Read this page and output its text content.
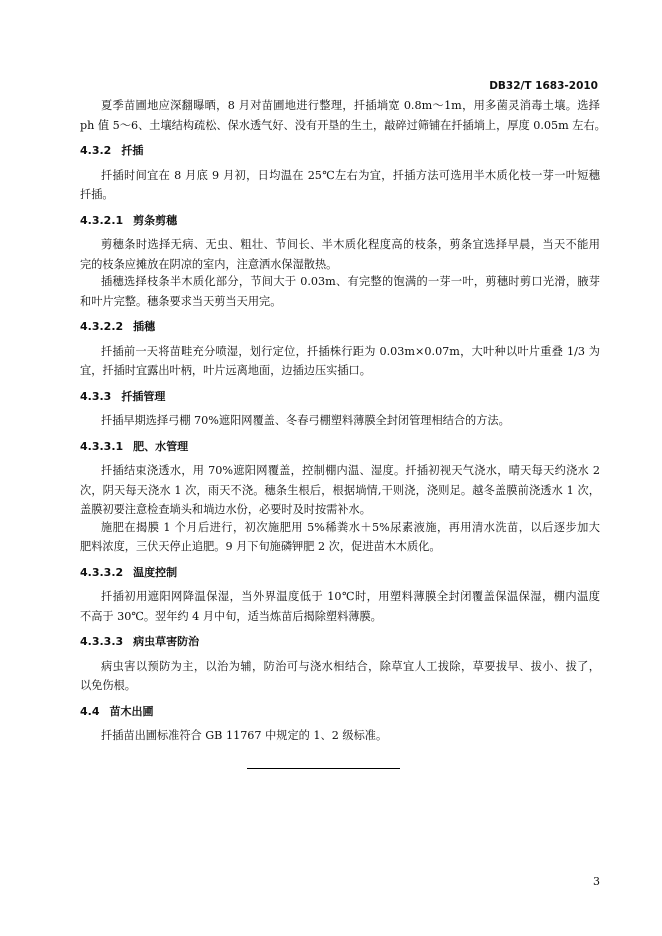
DB32/T 1683-2010
夏季苗圃地应深翻曝晒，8 月对苗圃地进行整理，扦插埫宽 0.8m～1m，用多菌灵消毒土壤。选择
ph 值 5～6、土壤结构疏松、保水透气好、没有开垦的生土，敲碎过筛铺在扦插埫上，厚度 0.05m 左右。
4.3.2 扦插
扦插时间宜在 8 月底 9 月初，日均温在 25℃左右为宜，扦插方法可选用半木质化枝一芽一叶短穗
扦插。
4.3.2.1 剪条剪穗
剪穗条时选择无病、无虫、粗壮、节间长、半木质化程度高的枝条，剪条宜选择早晨，当天不能用
完的枝条应摊放在阴凉的室内，注意洒水保湿散热。
插穗选择枝条半木质化部分，节间大于 0.03m、有完整的饱满的一芽一叶，剪穗时剪口光滑，腋芽
和叶片完整。穗条要求当天剪当天用完。
4.3.2.2 插穗
扦插前一天将苗畦充分喷湿，划行定位，扦插株行距为 0.03m×0.07m，大叶种以叶片重叠 1/3 为
宜，扦插时宜露出叶柄，叶片远离地面，边插边压实插口。
4.3.3 扦插管理
扦插早期选择弓棚 70%遮阳网覆盖、冬春弓棚塑料薄膜全封闭管理相结合的方法。
4.3.3.1 肥、水管理
扦插结束浇透水，用 70%遮阳网覆盖，控制棚内温、湿度。扦插初视天气浇水，晴天每天约浇水 2
次，阴天每天浇水 1 次，雨天不浇。穗条生根后，根据埫情,干则浇，浇则足。越冬盖膜前浇透水 1 次，
盖膜初要注意检查埫头和埫边水份，必要时及时按需补水。
施肥在揭膜 1 个月后进行，初次施肥用 5%稀粪水＋5%尿素液施，再用清水洗苗，以后逐步加大
肥料浓度，三伏天停止追肥。9 月下旬施磷钾肥 2 次，促进苗木木质化。
4.3.3.2 温度控制
扦插初用遮阳网降温保湿，当外界温度低于 10℃时，用塑料薄膜全封闭覆盖保温保湿，棚内温度
不高于 30℃。翌年约 4 月中旬，适当炼苗后揭除塑料薄膜。
4.3.3.3 病虫草害防治
病虫害以预防为主，以治为辅，防治可与浇水相结合，除草宜人工拔除，草要拔早、拔小、拔了，
以免伤根。
4.4 苗木出圃
扦插苗出圃标准符合 GB 11767 中规定的 1、2 级标准。
3
